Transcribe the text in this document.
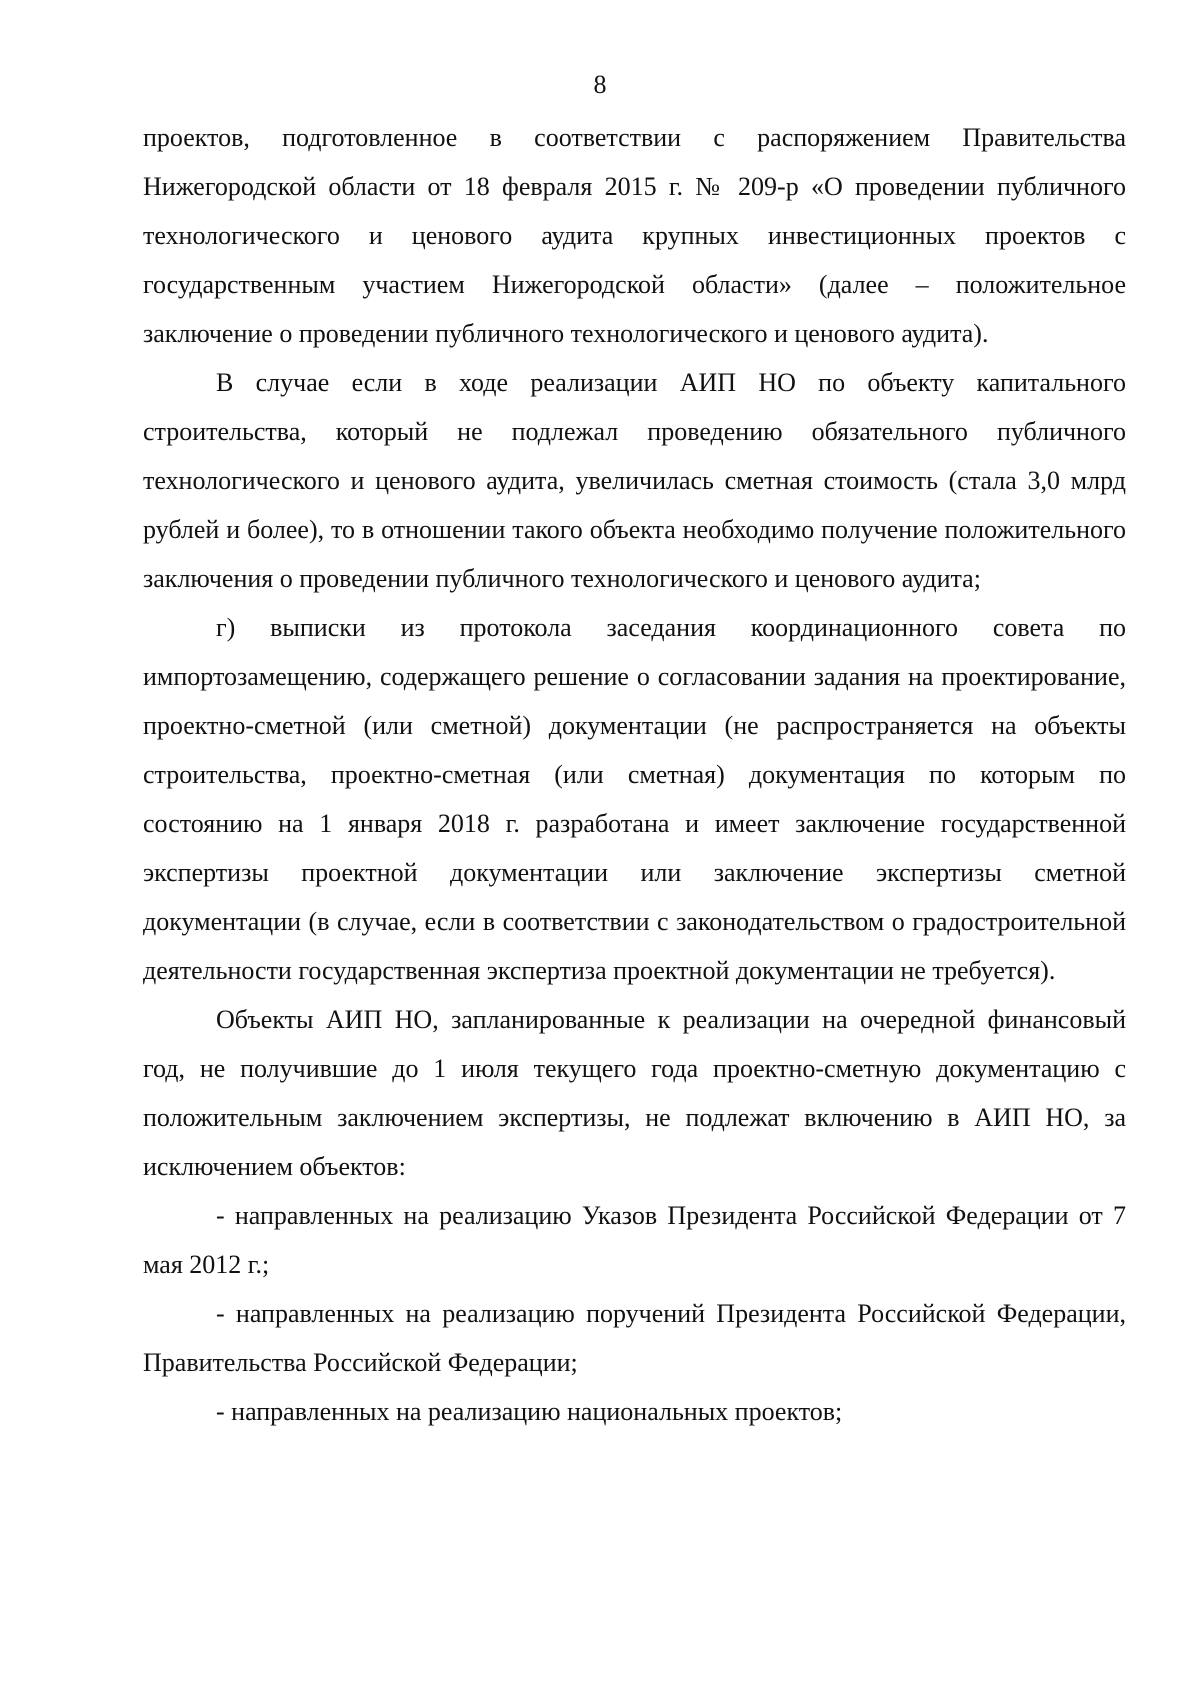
8

проектов, подготовленное в соответствии с распоряжением Правительства Нижегородской области от 18 февраля 2015 г. № 209-р «О проведении публичного технологического и ценового аудита крупных инвестиционных проектов с государственным участием Нижегородской области» (далее – положительное заключение о проведении публичного технологического и ценового аудита).

В случае если в ходе реализации АИП НО по объекту капитального строительства, который не подлежал проведению обязательного публичного технологического и ценового аудита, увеличилась сметная стоимость (стала 3,0 млрд рублей и более), то в отношении такого объекта необходимо получение положительного заключения о проведении публичного технологического и ценового аудита;

г) выписки из протокола заседания координационного совета по импортозамещению, содержащего решение о согласовании задания на проектирование, проектно-сметной (или сметной) документации (не распространяется на объекты строительства, проектно-сметная (или сметная) документация по которым по состоянию на 1 января 2018 г. разработана и имеет заключение государственной экспертизы проектной документации или заключение экспертизы сметной документации (в случае, если в соответствии с законодательством о градостроительной деятельности государственная экспертиза проектной документации не требуется).

Объекты АИП НО, запланированные к реализации на очередной финансовый год, не получившие до 1 июля текущего года проектно-сметную документацию с положительным заключением экспертизы, не подлежат включению в АИП НО, за исключением объектов:

- направленных на реализацию Указов Президента Российской Федерации от 7 мая 2012 г.;

- направленных на реализацию поручений Президента Российской Федерации, Правительства Российской Федерации;

- направленных на реализацию национальных проектов;
